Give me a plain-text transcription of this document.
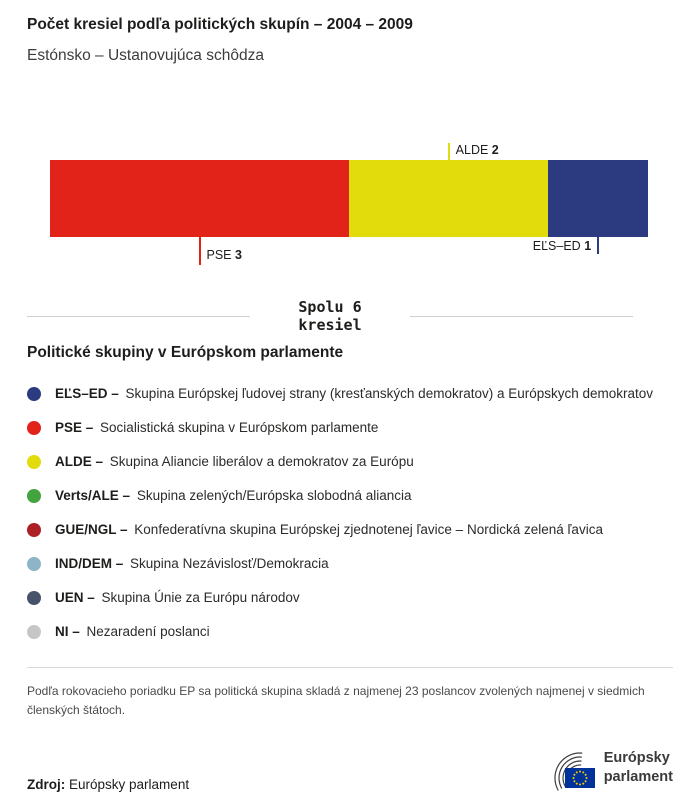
Počet kresiel podľa politických skupín – 2004 – 2009
Estónsko – Ustanovujúca schôdza
ALDE 2
PSE 3
EĽS–ED 1
Spolu 6
kresiel
Politické skupiny v Európskom parlamente
EĽS–ED – Skupina Európskej ľudovej strany (kresťanských demokratov) a Európskych demokratov
PSE – Socialistická skupina v Európskom parlamente
ALDE – Skupina Aliancie liberálov a demokratov za Európu
Verts/ALE – Skupina zelených/Európska slobodná aliancia
GUE/NGL – Konfederatívna skupina Európskej zjednotenej ľavice – Nordická zelená ľavica
IND/DEM – Skupina Nezávislosť/Demokracia
UEN – Skupina Únie za Európu národov
NI – Nezaradení poslanci
Podľa rokovacieho poriadku EP sa politická skupina skladá z najmenej 23 poslancov zvolených najmenej v siedmich členských štátoch.
Zdroj: Európsky parlament
Európsky
parlament
